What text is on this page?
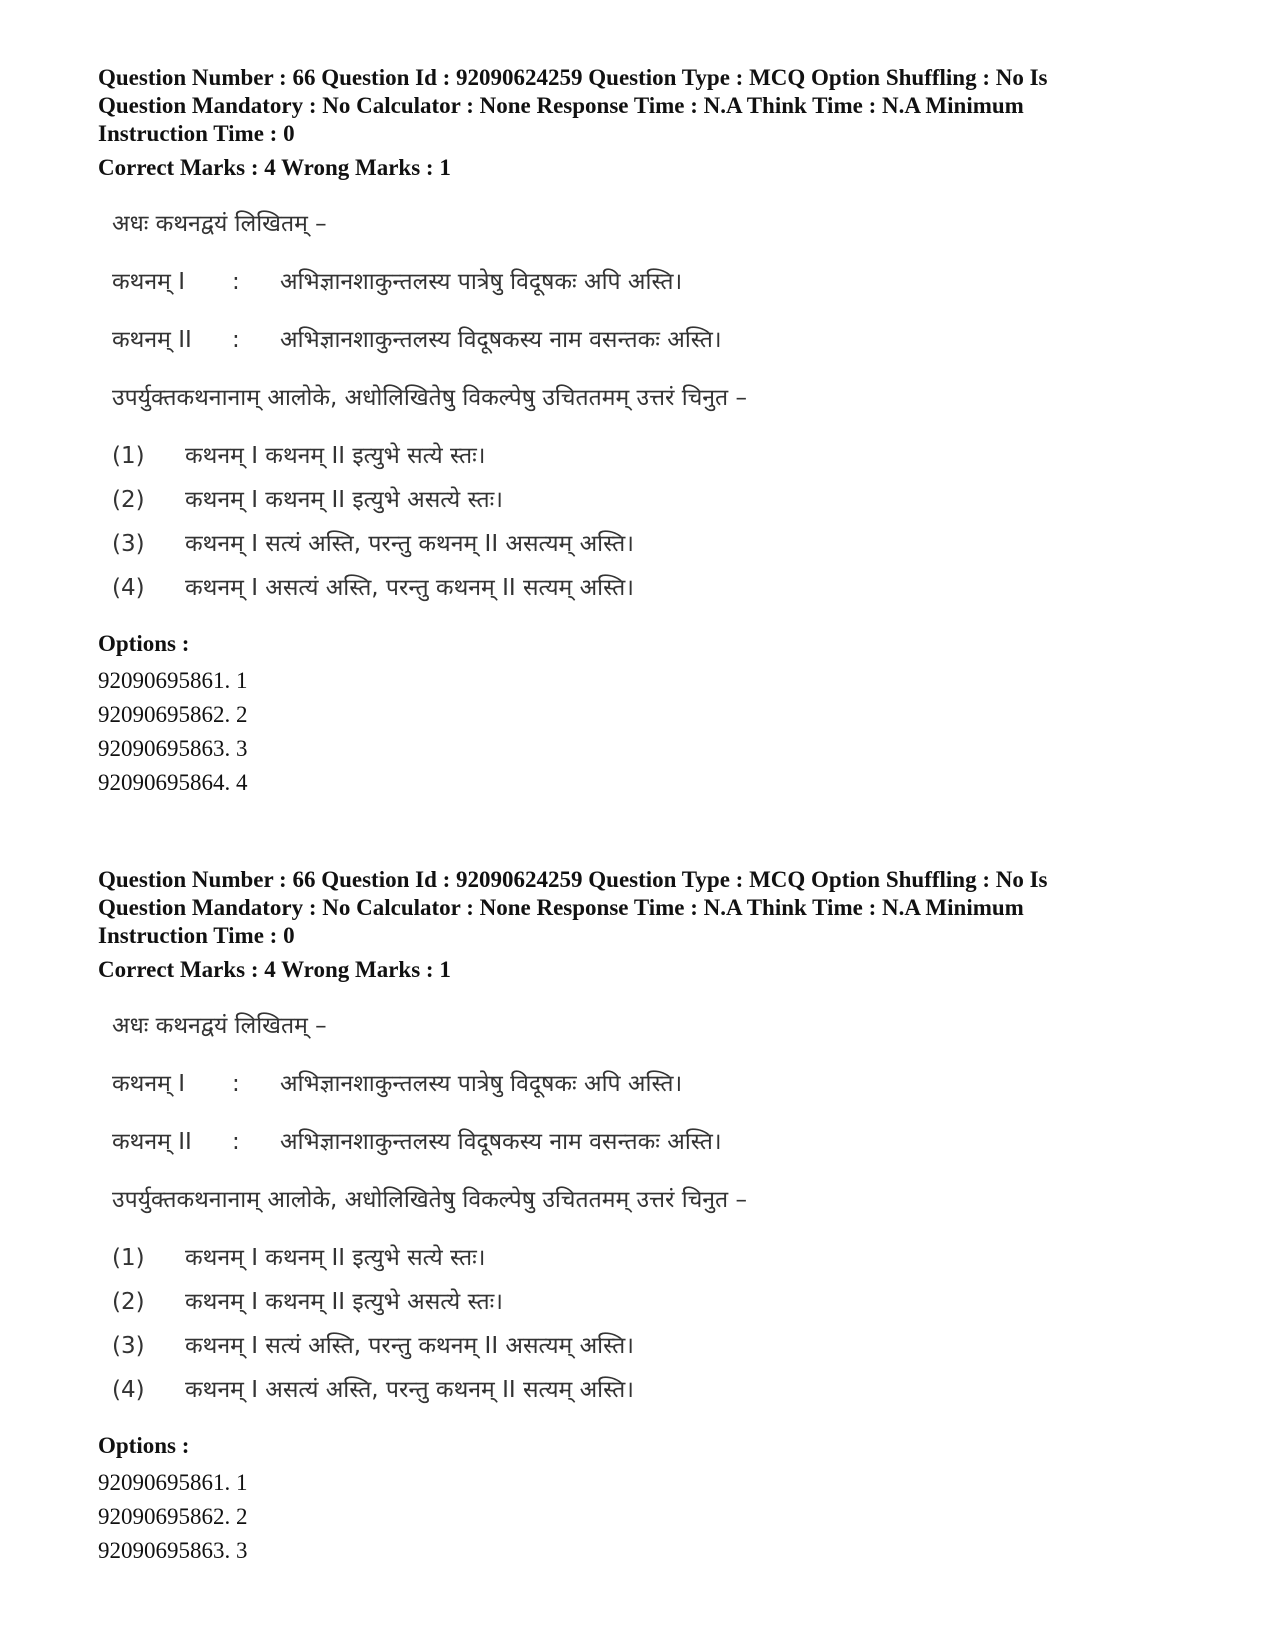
Question Number : 66 Question Id : 92090624259 Question Type : MCQ Option Shuffling : No Is

Question Mandatory : No Calculator : None Response Time : N.A Think Time : N.A Minimum

Instruction Time : 0

Correct Marks : 4 Wrong Marks : 1

अधः कथनद्वयं लिखितम् –
कथनम् I	:	अभिज्ञानशाकुन्तलस्य पात्रेषु विदूषकः अपि अस्ति।
कथनम् II	:	अभिज्ञानशाकुन्तलस्य विदूषकस्य नाम वसन्तकः अस्ति।
उपर्युक्तकथनानाम् आलोके, अधोलिखितेषु विकल्पेषु उचिततमम् उत्तरं चिनुत –
(1)	कथनम् I कथनम् II इत्युभे सत्ये स्तः।
(2)	कथनम् I कथनम् II इत्युभे असत्ये स्तः।
(3)	कथनम् I सत्यं अस्ति, परन्तु कथनम् II असत्यम् अस्ति।
(4)	कथनम् I असत्यं अस्ति, परन्तु कथनम् II सत्यम् अस्ति।

Options :

92090695861. 1

92090695862. 2

92090695863. 3

92090695864. 4

Question Number : 66 Question Id : 92090624259 Question Type : MCQ Option Shuffling : No Is

Question Mandatory : No Calculator : None Response Time : N.A Think Time : N.A Minimum

Instruction Time : 0

Correct Marks : 4 Wrong Marks : 1

अधः कथनद्वयं लिखितम् –
कथनम् I	:	अभिज्ञानशाकुन्तलस्य पात्रेषु विदूषकः अपि अस्ति।
कथनम् II	:	अभिज्ञानशाकुन्तलस्य विदूषकस्य नाम वसन्तकः अस्ति।
उपर्युक्तकथनानाम् आलोके, अधोलिखितेषु विकल्पेषु उचिततमम् उत्तरं चिनुत –
(1)	कथनम् I कथनम् II इत्युभे सत्ये स्तः।
(2)	कथनम् I कथनम् II इत्युभे असत्ये स्तः।
(3)	कथनम् I सत्यं अस्ति, परन्तु कथनम् II असत्यम् अस्ति।
(4)	कथनम् I असत्यं अस्ति, परन्तु कथनम् II सत्यम् अस्ति।

Options :

92090695861. 1

92090695862. 2

92090695863. 3
